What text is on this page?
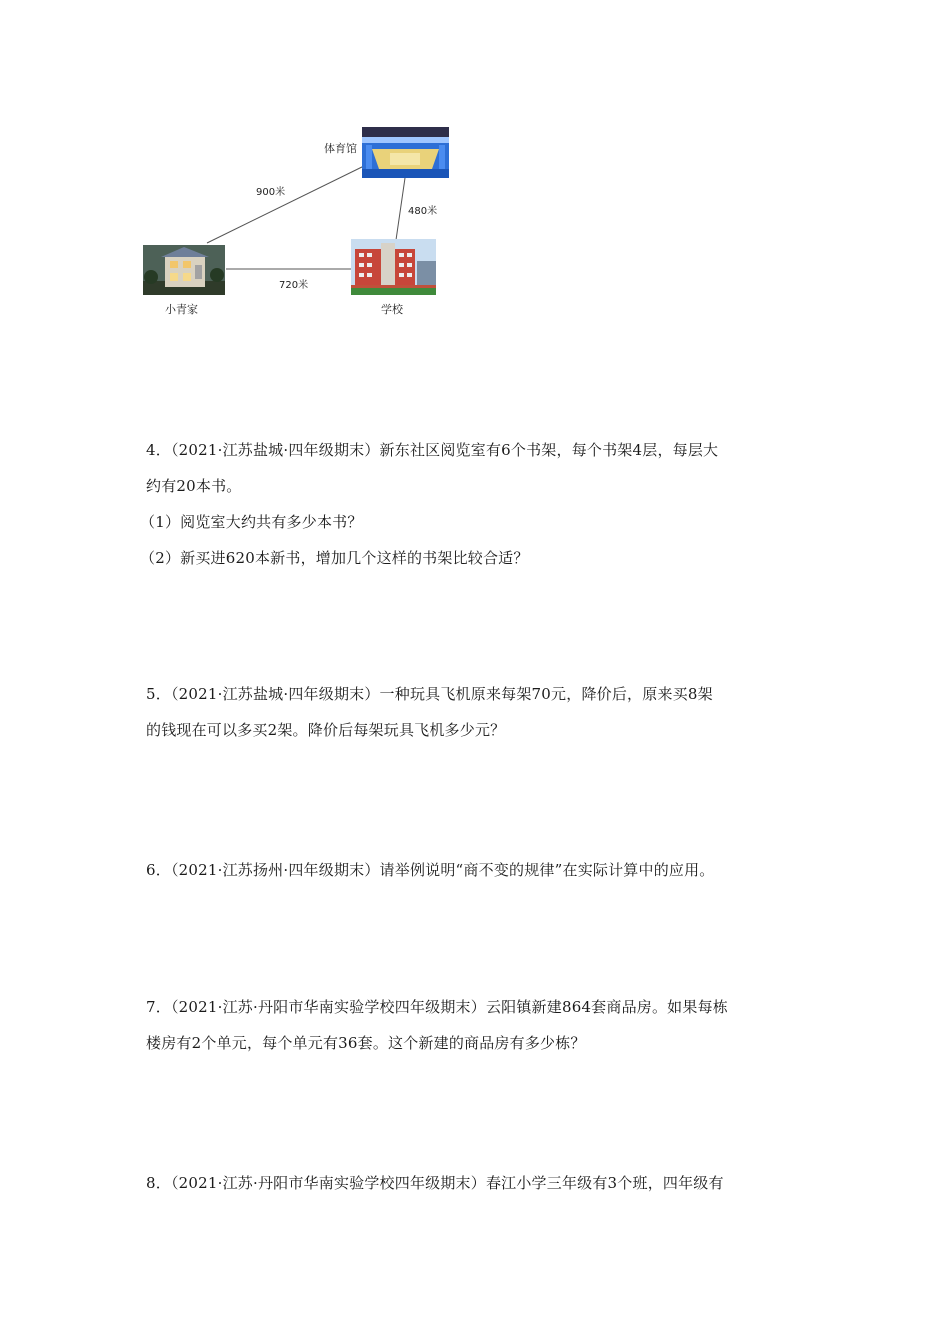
体育馆
小青家	学校
900米
480米
720米

4．（2021·江苏盐城·四年级期末）新东社区阅览室有6个书架，每个书架4层，每层大

约有20本书。

（1）阅览室大约共有多少本书？

（2）新买进620本新书，增加几个这样的书架比较合适？

5．（2021·江苏盐城·四年级期末）一种玩具飞机原来每架70元，降价后，原来买8架

的钱现在可以多买2架。降价后每架玩具飞机多少元？

6．（2021·江苏扬州·四年级期末）请举例说明“商不变的规律”在实际计算中的应用。

7．（2021·江苏·丹阳市华南实验学校四年级期末）云阳镇新建864套商品房。如果每栋

楼房有2个单元，每个单元有36套。这个新建的商品房有多少栋？

8．（2021·江苏·丹阳市华南实验学校四年级期末）春江小学三年级有3个班，四年级有
